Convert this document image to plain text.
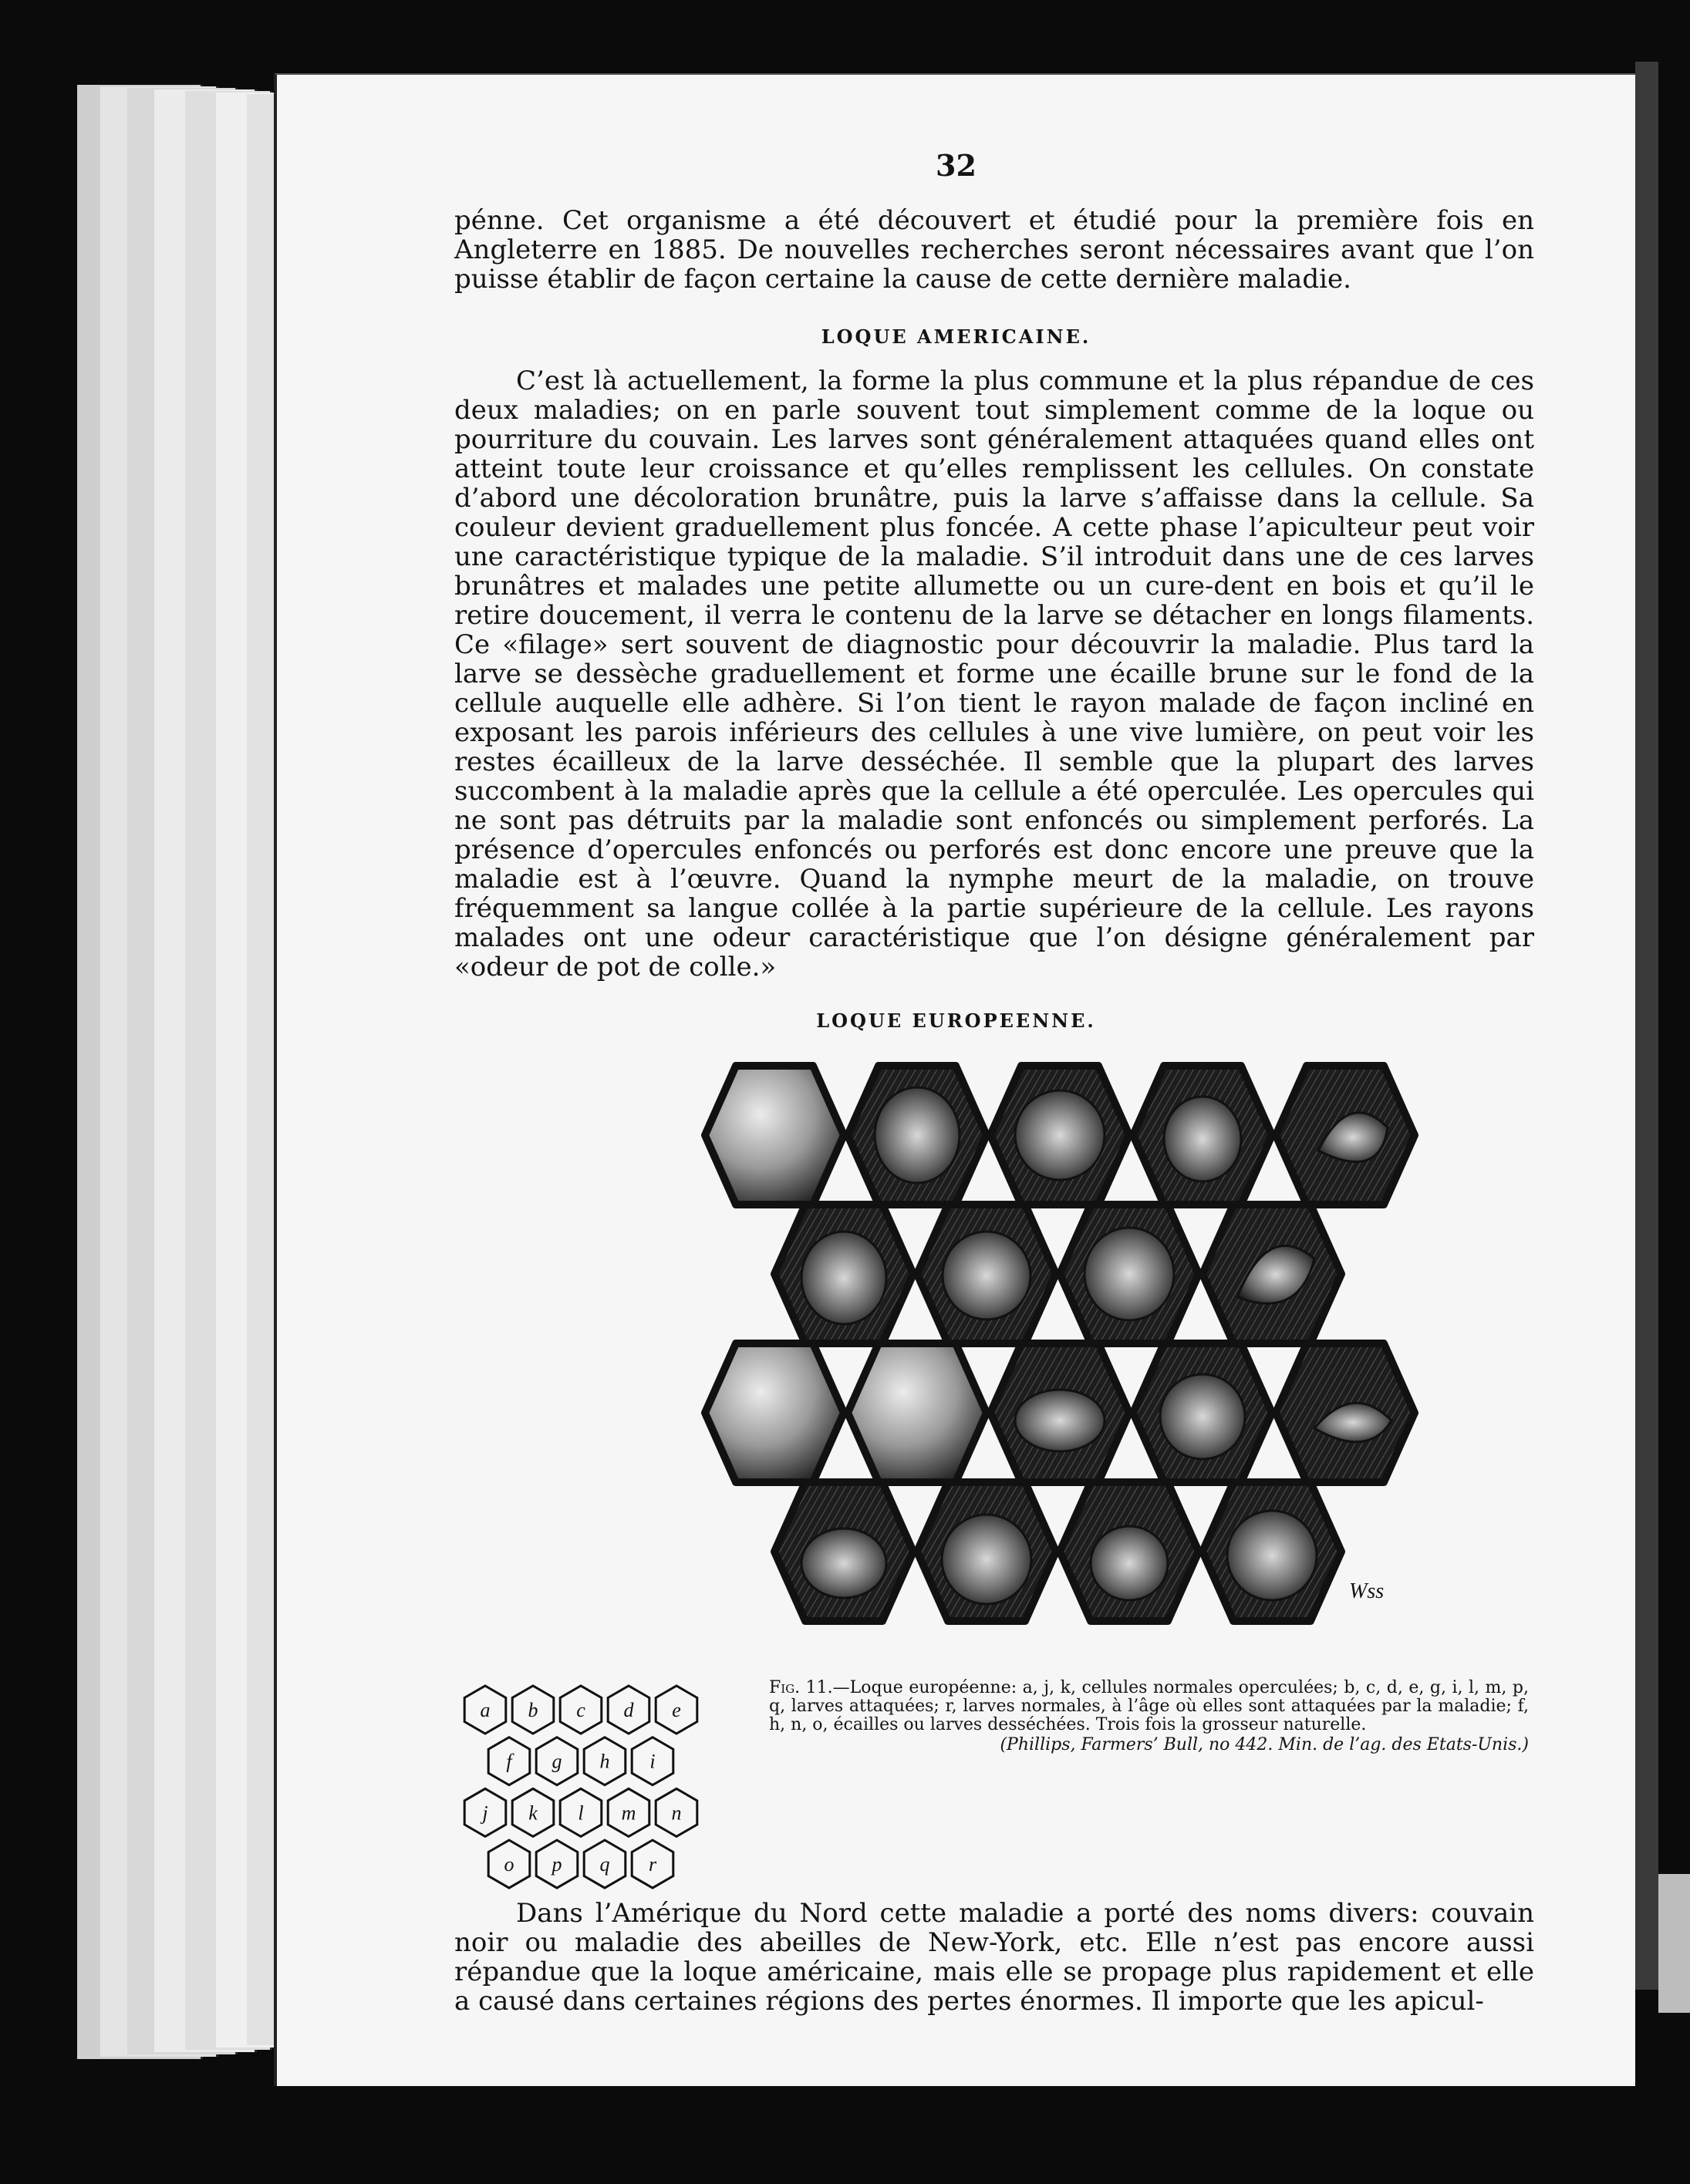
32

pénne. Cet organisme a été découvert et étudié pour la première fois en Angleterre en 1885. De nouvelles recherches seront nécessaires avant que l’on puisse établir de façon certaine la cause de cette dernière maladie.

LOQUE AMERICAINE.

C’est là actuellement, la forme la plus commune et la plus répandue de ces deux maladies; on en parle souvent tout simplement comme de la loque ou pourriture du couvain. Les larves sont généralement attaquées quand elles ont atteint toute leur croissance et qu’elles remplissent les cellules. On constate d’abord une décoloration brunâtre, puis la larve s’affaisse dans la cellule. Sa couleur devient graduellement plus foncée. A cette phase l’apiculteur peut voir une caractéristique typique de la maladie. S’il introduit dans une de ces larves brunâtres et malades une petite allumette ou un cure-dent en bois et qu’il le retire doucement, il verra le contenu de la larve se détacher en longs filaments. Ce «filage» sert souvent de diagnostic pour découvrir la maladie. Plus tard la larve se dessèche graduellement et forme une écaille brune sur le fond de la cellule auquelle elle adhère. Si l’on tient le rayon malade de façon incliné en exposant les parois inférieurs des cellules à une vive lumière, on peut voir les restes écailleux de la larve desséchée. Il semble que la plupart des larves succombent à la maladie après que la cellule a été operculée. Les opercules qui ne sont pas détruits par la maladie sont enfoncés ou simplement perforés. La présence d’opercules enfoncés ou perforés est donc encore une preuve que la maladie est à l’œuvre. Quand la nymphe meurt de la maladie, on trouve fréquemment sa langue collée à la partie supérieure de la cellule. Les rayons malades ont une odeur caractéristique que l’on désigne généralement par «odeur de pot de colle.»

LOQUE EUROPEENNE.
Wss
a b c d e
f g h i
j k l m n
o p q r
Fig. 11.—Loque européenne: a, j, k, cellules normales operculées; b, c, d, e, g, i, l, m, p, q, larves attaquées; r, larves normales, à l’âge où elles sont attaquées par la maladie; f, h, n, o, écailles ou larves desséchées. Trois fois la grosseur naturelle.
(Phillips, Farmers’ Bull, no 442. Min. de l’ag. des Etats-Unis.)

Dans l’Amérique du Nord cette maladie a porté des noms divers: couvain noir ou maladie des abeilles de New-York, etc. Elle n’est pas encore aussi répandue que la loque américaine, mais elle se propage plus rapidement et elle a causé dans certaines régions des pertes énormes. Il importe que les apicul-
